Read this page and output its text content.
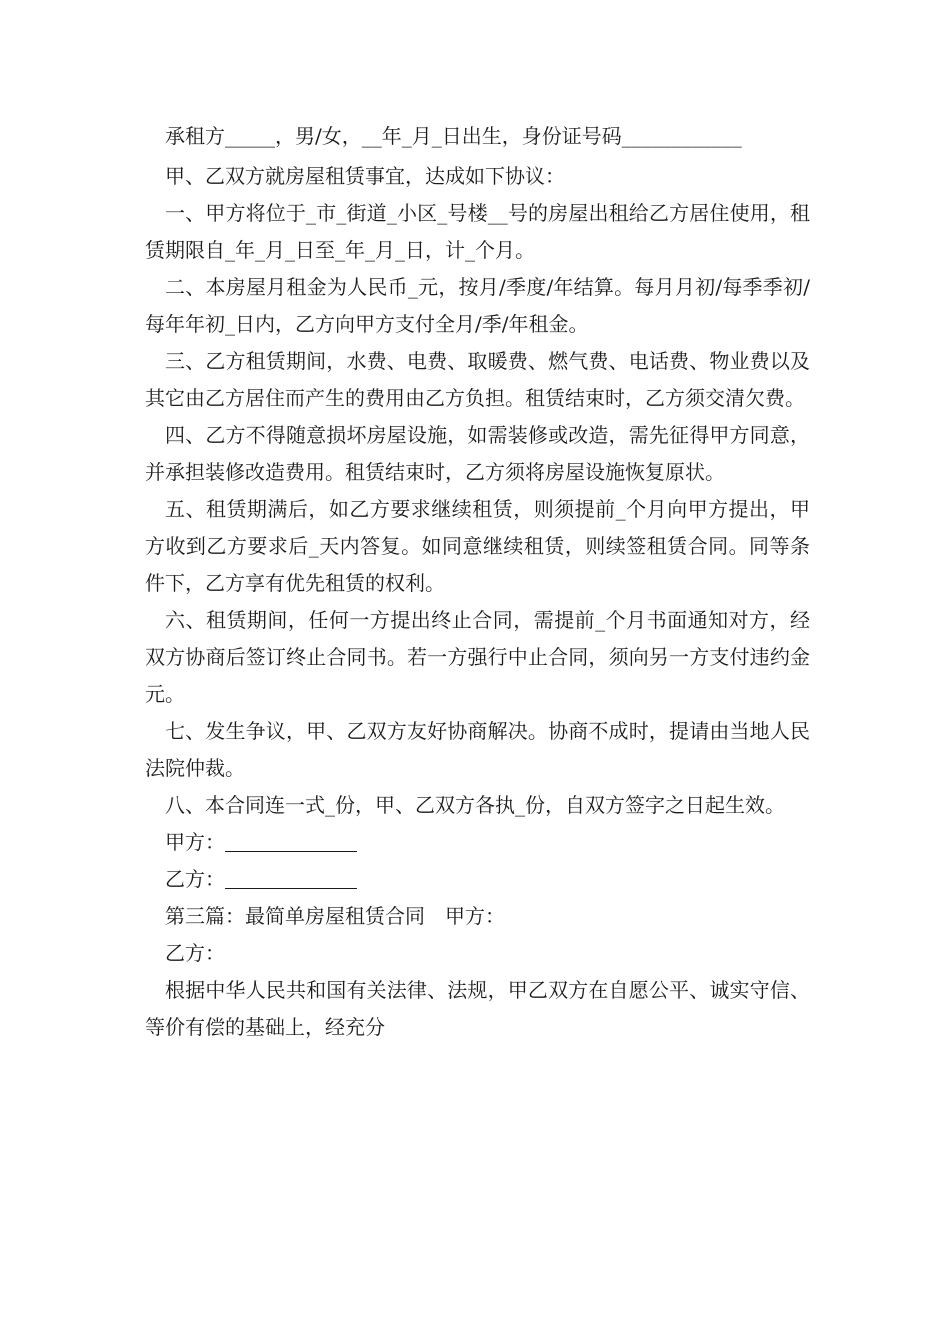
承租方_____，男/女，__年_月_日出生，身份证号码____________

甲、乙双方就房屋租赁事宜，达成如下协议：

一、甲方将位于_市_街道_小区_号楼__号的房屋出租给乙方居住使用，租赁期限自_年_月_日至_年_月_日，计_个月。

二、本房屋月租金为人民币_元，按月/季度/年结算。每月月初/每季季初/每年年初_日内，乙方向甲方支付全月/季/年租金。

三、乙方租赁期间，水费、电费、取暖费、燃气费、电话费、物业费以及其它由乙方居住而产生的费用由乙方负担。租赁结束时，乙方须交清欠费。

四、乙方不得随意损坏房屋设施，如需装修或改造，需先征得甲方同意，并承担装修改造费用。租赁结束时，乙方须将房屋设施恢复原状。

五、租赁期满后，如乙方要求继续租赁，则须提前_个月向甲方提出，甲方收到乙方要求后_天内答复。如同意继续租赁，则续签租赁合同。同等条件下，乙方享有优先租赁的权利。

六、租赁期间，任何一方提出终止合同，需提前_个月书面通知对方，经双方协商后签订终止合同书。若一方强行中止合同，须向另一方支付违约金元。

七、发生争议，甲、乙双方友好协商解决。协商不成时，提请由当地人民法院仲裁。

八、本合同连一式_份，甲、乙双方各执_份，自双方签字之日起生效。

甲方：

乙方：

第三篇：最简单房屋租赁合同　甲方：

乙方：

根据中华人民共和国有关法律、法规，甲乙双方在自愿公平、诚实守信、等价有偿的基础上，经充分
